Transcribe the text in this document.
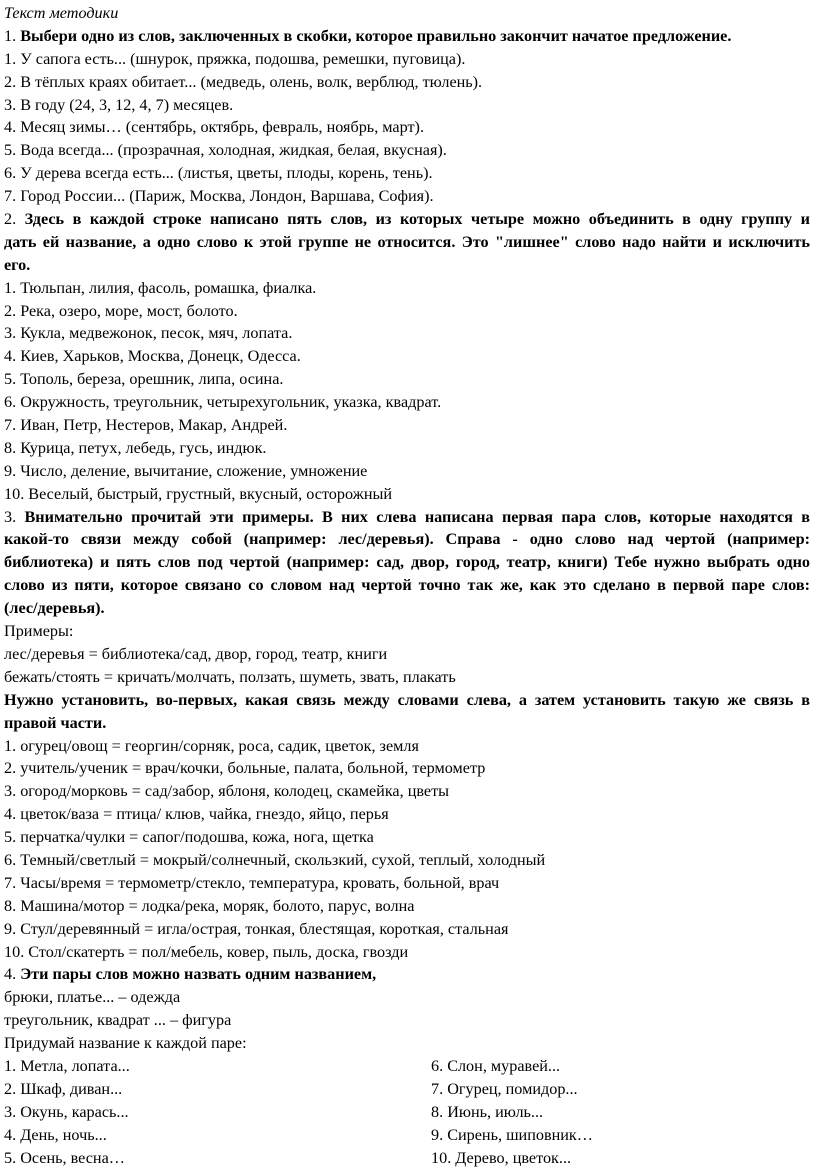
Текст методики
1. Выбери одно из слов, заключенных в скобки, которое правильно закончит начатое предложение.
1. У сапога есть... (шнурок, пряжка, подошва, ремешки, пуговица).
2. В тёплых краях обитает... (медведь, олень, волк, верблюд, тюлень).
3. В году (24, 3, 12, 4, 7) месяцев.
4. Месяц зимы… (сентябрь, октябрь, февраль, ноябрь, март).
5. Вода всегда... (прозрачная, холодная, жидкая, белая, вкусная).
6. У дерева всегда есть... (листья, цветы, плоды, корень, тень).
7. Город России... (Париж, Москва, Лондон, Варшава, София).
2. Здесь в каждой строке написано пять слов, из которых четыре можно объединить в одну группу и
дать ей название, а одно слово к этой группе не относится. Это "лишнее" слово надо найти и исключить
его.
1. Тюльпан, лилия, фасоль, ромашка, фиалка.
2. Река, озеро, море, мост, болото.
3. Кукла, медвежонок, песок, мяч, лопата.
4. Киев, Харьков, Москва, Донецк, Одесса.
5. Тополь, береза, орешник, липа, осина.
6. Окружность, треугольник, четырехугольник, указка, квадрат.
7. Иван, Петр, Нестеров, Макар, Андрей.
8. Курица, петух, лебедь, гусь, индюк.
9. Число, деление, вычитание, сложение, умножение
10. Веселый, быстрый, грустный, вкусный, осторожный
3. Внимательно прочитай эти примеры. В них слева написана первая пара слов, которые находятся в
какой-то связи между собой (например: лес/деревья). Справа - одно слово над чертой (например:
библиотека) и пять слов под чертой (например: сад, двор, город, театр, книги) Тебе нужно выбрать одно
слово из пяти, которое связано со словом над чертой точно так же, как это сделано в первой паре слов:
(лес/деревья).
Примеры:
лес/деревья = библиотека/сад, двор, город, театр, книги
бежать/стоять = кричать/молчать, ползать, шуметь, звать, плакать
Нужно установить, во-первых, какая связь между словами слева, а затем установить такую же связь в
правой части.
1. огурец/овощ = георгин/сорняк, роса, садик, цветок, земля
2. учитель/ученик = врач/кочки, больные, палата, больной, термометр
3. огород/морковь = сад/забор, яблоня, колодец, скамейка, цветы
4. цветок/ваза = птица/ клюв, чайка, гнездо, яйцо, перья
5. перчатка/чулки = сапог/подошва, кожа, нога, щетка
6. Темный/светлый = мокрый/солнечный, скользкий, сухой, теплый, холодный
7. Часы/время = термометр/стекло, температура, кровать, больной, врач
8. Машина/мотор = лодка/река, моряк, болото, парус, волна
9. Стул/деревянный = игла/острая, тонкая, блестящая, короткая, стальная
10. Стол/скатерть = пол/мебель, ковер, пыль, доска, гвозди
4. Эти пары слов можно назвать одним названием,
брюки, платье... – одежда
треугольник, квадрат ... – фигура
Придумай название к каждой паре:
1. Метла, лопата...	6. Слон, муравей...
2. Шкаф, диван...	7. Огурец, помидор...
3. Окунь, карась...	8. Июнь, июль...
4. День, ночь...	9. Сирень, шиповник…
5. Осень, весна…	10. Дерево, цветок...
